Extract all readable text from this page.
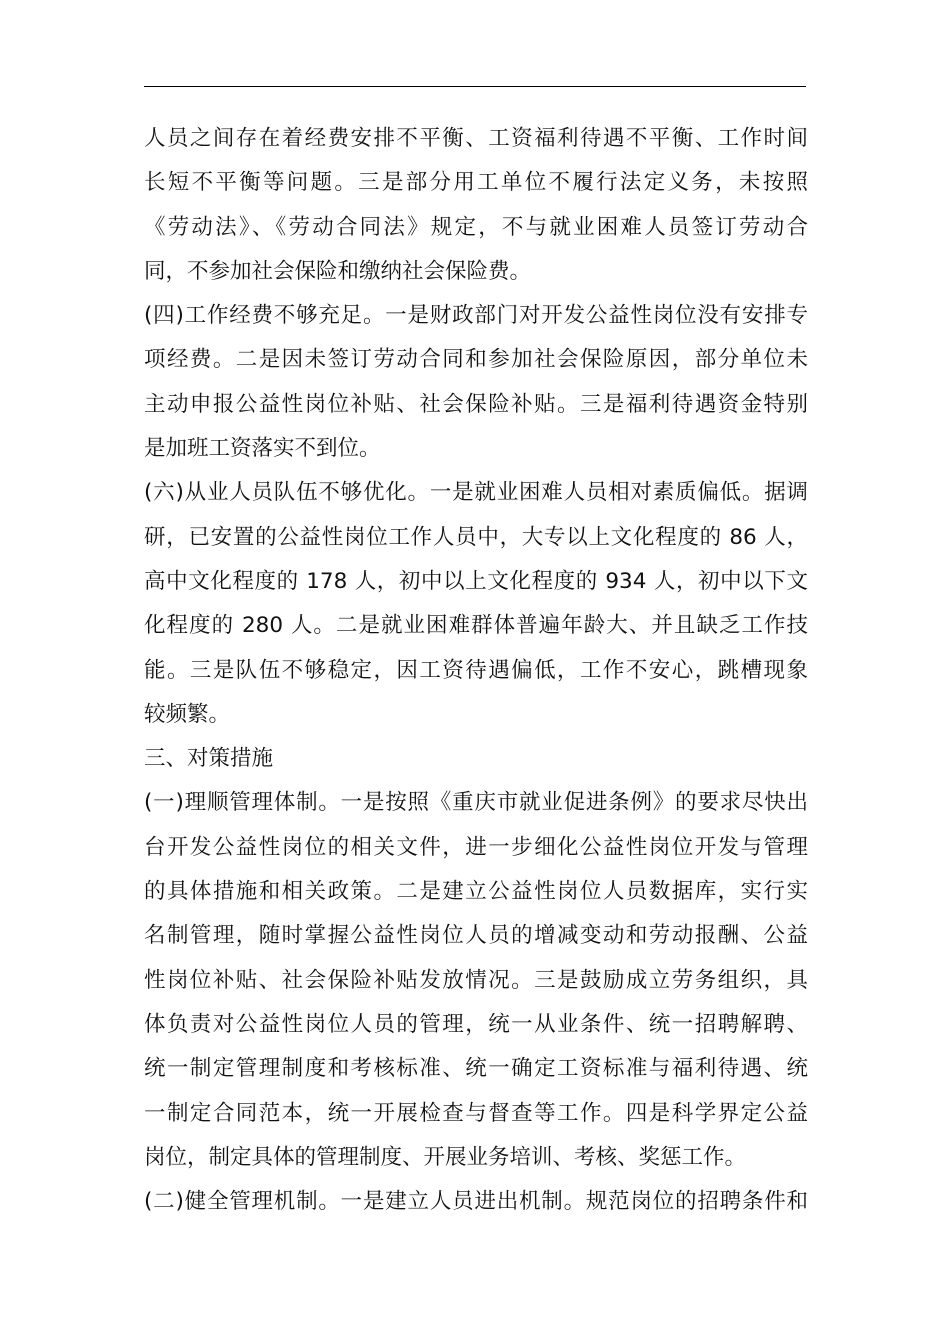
人员之间存在着经费安排不平衡、工资福利待遇不平衡、工作时间
长短不平衡等问题。三是部分用工单位不履行法定义务，未按照
《劳动法》、《劳动合同法》规定，不与就业困难人员签订劳动合
同，不参加社会保险和缴纳社会保险费。
(四)工作经费不够充足。一是财政部门对开发公益性岗位没有安排专
项经费。二是因未签订劳动合同和参加社会保险原因，部分单位未
主动申报公益性岗位补贴、社会保险补贴。三是福利待遇资金特别
是加班工资落实不到位。
(六)从业人员队伍不够优化。一是就业困难人员相对素质偏低。据调
研，已安置的公益性岗位工作人员中，大专以上文化程度的 86 人，
高中文化程度的 178 人，初中以上文化程度的 934 人，初中以下文
化程度的 280 人。二是就业困难群体普遍年龄大、并且缺乏工作技
能。三是队伍不够稳定，因工资待遇偏低，工作不安心，跳槽现象
较频繁。
三、对策措施
(一)理顺管理体制。一是按照《重庆市就业促进条例》的要求尽快出
台开发公益性岗位的相关文件，进一步细化公益性岗位开发与管理
的具体措施和相关政策。二是建立公益性岗位人员数据库，实行实
名制管理，随时掌握公益性岗位人员的增减变动和劳动报酬、公益
性岗位补贴、社会保险补贴发放情况。三是鼓励成立劳务组织，具
体负责对公益性岗位人员的管理，统一从业条件、统一招聘解聘、
统一制定管理制度和考核标准、统一确定工资标准与福利待遇、统
一制定合同范本，统一开展检查与督查等工作。四是科学界定公益
岗位，制定具体的管理制度、开展业务培训、考核、奖惩工作。
(二)健全管理机制。一是建立人员进出机制。规范岗位的招聘条件和
